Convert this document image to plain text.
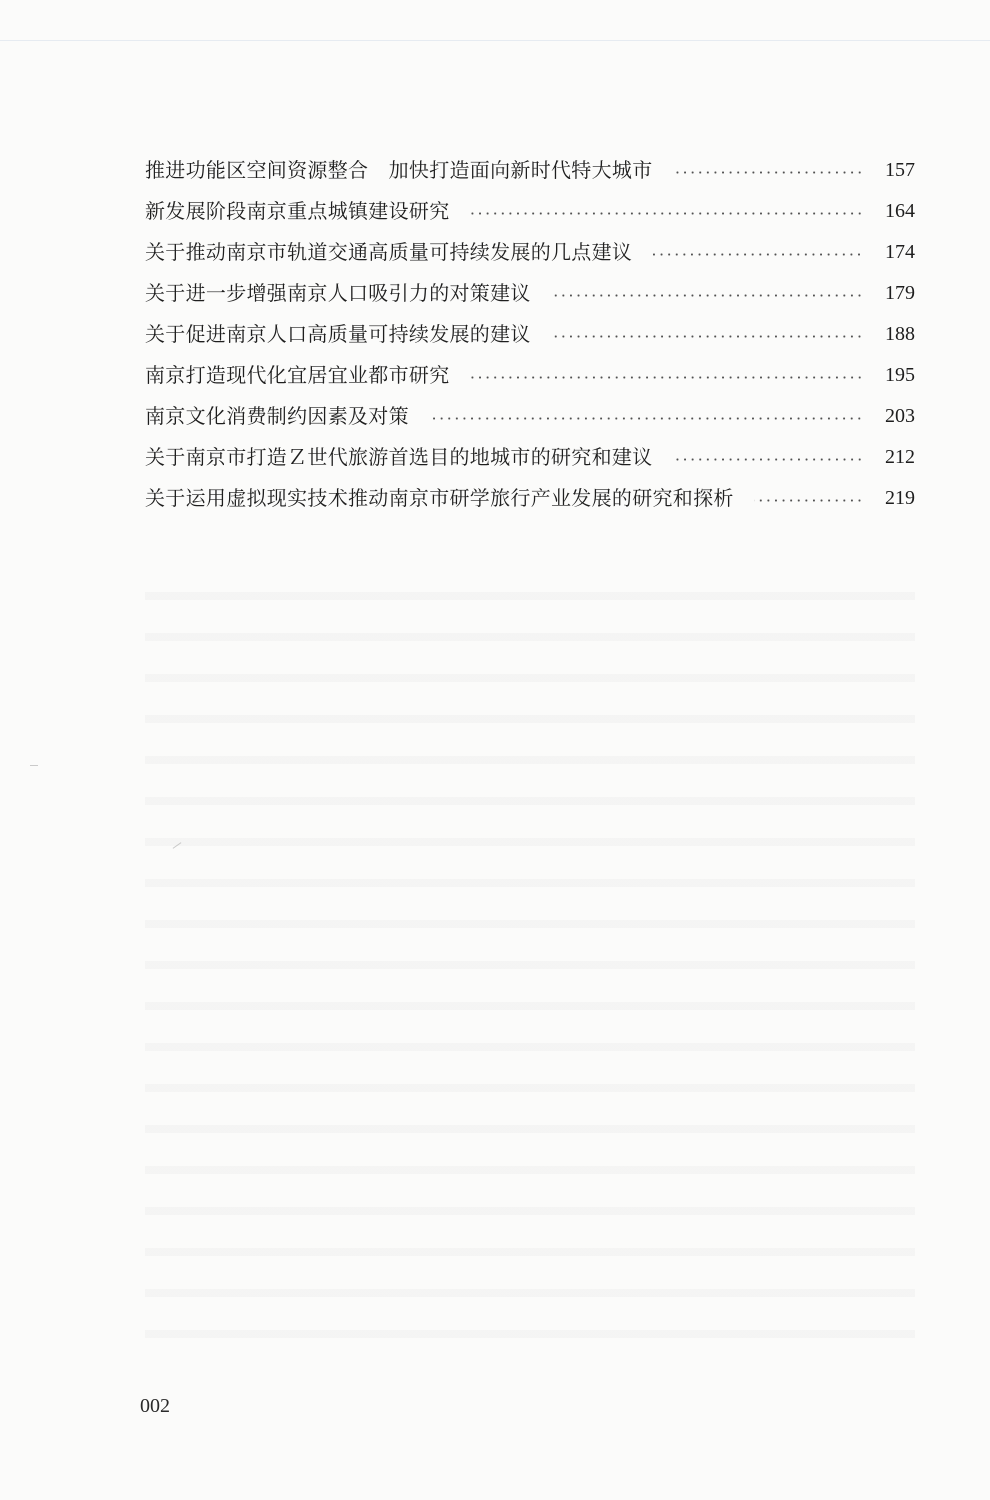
推进功能区空间资源整合　加快打造面向新时代特大城市	157
新发展阶段南京重点城镇建设研究	164
关于推动南京市轨道交通高质量可持续发展的几点建议	174
关于进一步增强南京人口吸引力的对策建议	179
关于促进南京人口高质量可持续发展的建议	188
南京打造现代化宜居宜业都市研究	195
南京文化消费制约因素及对策	203
关于南京市打造Ｚ世代旅游首选目的地城市的研究和建议	212
关于运用虚拟现实技术推动南京市研学旅行产业发展的研究和探析	219
002
